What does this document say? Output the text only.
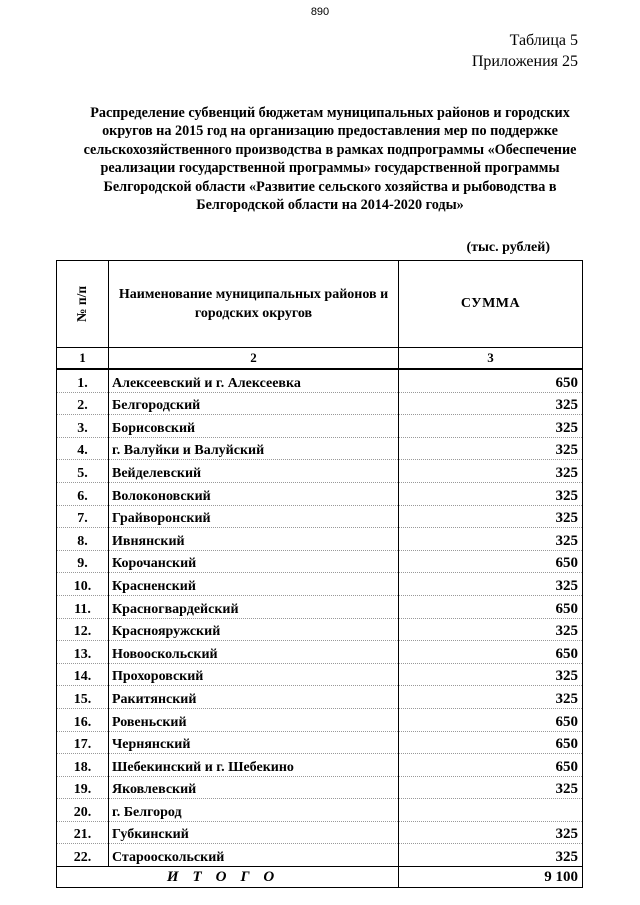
890
Таблица 5
Приложения 25
Распределение субвенций бюджетам муниципальных районов и городских округов на 2015 год на организацию предоставления мер по поддержке сельскохозяйственного производства в рамках подпрограммы «Обеспечение реализации государственной программы» государственной программы Белгородской области «Развитие сельского хозяйства и рыбоводства в Белгородской области на 2014-2020 годы»
(тыс. рублей)
№ п/п	Наименование муниципальных районов и городских округов	СУММА
1	2	3
1.	Алексеевский и г. Алексеевка	650
2.	Белгородский	325
3.	Борисовский	325
4.	г. Валуйки и Валуйский	325
5.	Вейделевский	325
6.	Волоконовский	325
7.	Грайворонский	325
8.	Ивнянский	325
9.	Корочанский	650
10.	Красненский	325
11.	Красногвардейский	650
12.	Краснояружский	325
13.	Новооскольский	650
14.	Прохоровский	325
15.	Ракитянский	325
16.	Ровеньский	650
17.	Чернянский	650
18.	Шебекинский и г. Шебекино	650
19.	Яковлевский	325
20.	г. Белгород	
21.	Губкинский	325
22.	Старооскольский	325
ИТОГО		9 100
